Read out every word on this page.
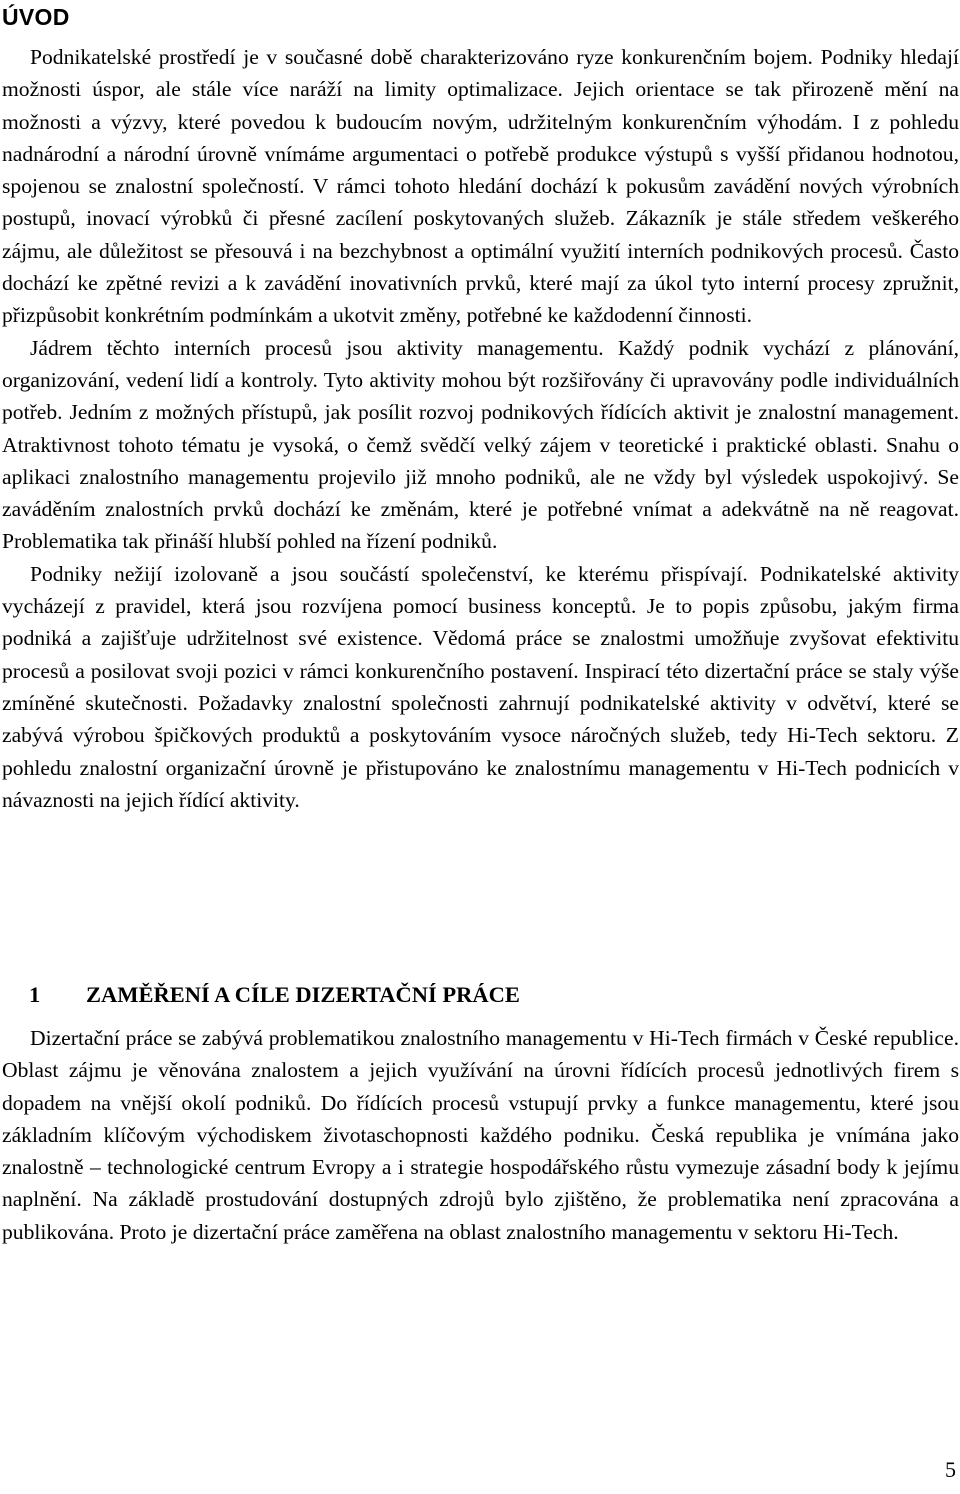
ÚVOD

Podnikatelské prostředí je v současné době charakterizováno ryze konkurenčním bojem. Podniky hledají možnosti úspor, ale stále více naráží na limity optimalizace. Jejich orientace se tak přirozeně mění na možnosti a výzvy, které povedou k budoucím novým, udržitelným konkurenčním výhodám. I z pohledu nadnárodní a národní úrovně vnímáme argumentaci o potřebě produkce výstupů s vyšší přidanou hodnotou, spojenou se znalostní společností. V rámci tohoto hledání dochází k pokusům zavádění nových výrobních postupů, inovací výrobků či přesné zacílení poskytovaných služeb. Zákazník je stále středem veškerého zájmu, ale důležitost se přesouvá i na bezchybnost a optimální využití interních podnikových procesů. Často dochází ke zpětné revizi a k zavádění inovativních prvků, které mají za úkol tyto interní procesy zpružnit, přizpůsobit konkrétním podmínkám a ukotvit změny, potřebné ke každodenní činnosti.

Jádrem těchto interních procesů jsou aktivity managementu. Každý podnik vychází z plánování, organizování, vedení lidí a kontroly. Tyto aktivity mohou být rozšiřovány či upravovány podle individuálních potřeb. Jedním z možných přístupů, jak posílit rozvoj podnikových řídících aktivit je znalostní management. Atraktivnost tohoto tématu je vysoká, o čemž svědčí velký zájem v teoretické i praktické oblasti. Snahu o aplikaci znalostního managementu projevilo již mnoho podniků, ale ne vždy byl výsledek uspokojivý. Se zaváděním znalostních prvků dochází ke změnám, které je potřebné vnímat a adekvátně na ně reagovat. Problematika tak přináší hlubší pohled na řízení podniků.

Podniky nežijí izolovaně a jsou součástí společenství, ke kterému přispívají. Podnikatelské aktivity vycházejí z pravidel, která jsou rozvíjena pomocí business konceptů. Je to popis způsobu, jakým firma podniká a zajišťuje udržitelnost své existence. Vědomá práce se znalostmi umožňuje zvyšovat efektivitu procesů a posilovat svoji pozici v rámci konkurenčního postavení. Inspirací této dizertační práce se staly výše zmíněné skutečnosti. Požadavky znalostní společnosti zahrnují podnikatelské aktivity v odvětví, které se zabývá výrobou špičkových produktů a poskytováním vysoce náročných služeb, tedy Hi-Tech sektoru. Z pohledu znalostní organizační úrovně je přistupováno ke znalostnímu managementu v Hi-Tech podnicích v návaznosti na jejich řídící aktivity.

1 ZAMĚŘENÍ A CÍLE DIZERTAČNÍ PRÁCE

Dizertační práce se zabývá problematikou znalostního managementu v Hi-Tech firmách v České republice. Oblast zájmu je věnována znalostem a jejich využívání na úrovni řídících procesů jednotlivých firem s dopadem na vnější okolí podniků. Do řídících procesů vstupují prvky a funkce managementu, které jsou základním klíčovým východiskem životaschopnosti každého podniku. Česká republika je vnímána jako znalostně – technologické centrum Evropy a i strategie hospodářského růstu vymezuje zásadní body k jejímu naplnění. Na základě prostudování dostupných zdrojů bylo zjištěno, že problematika není zpracována a publikována. Proto je dizertační práce zaměřena na oblast znalostního managementu v sektoru Hi-Tech.

5
